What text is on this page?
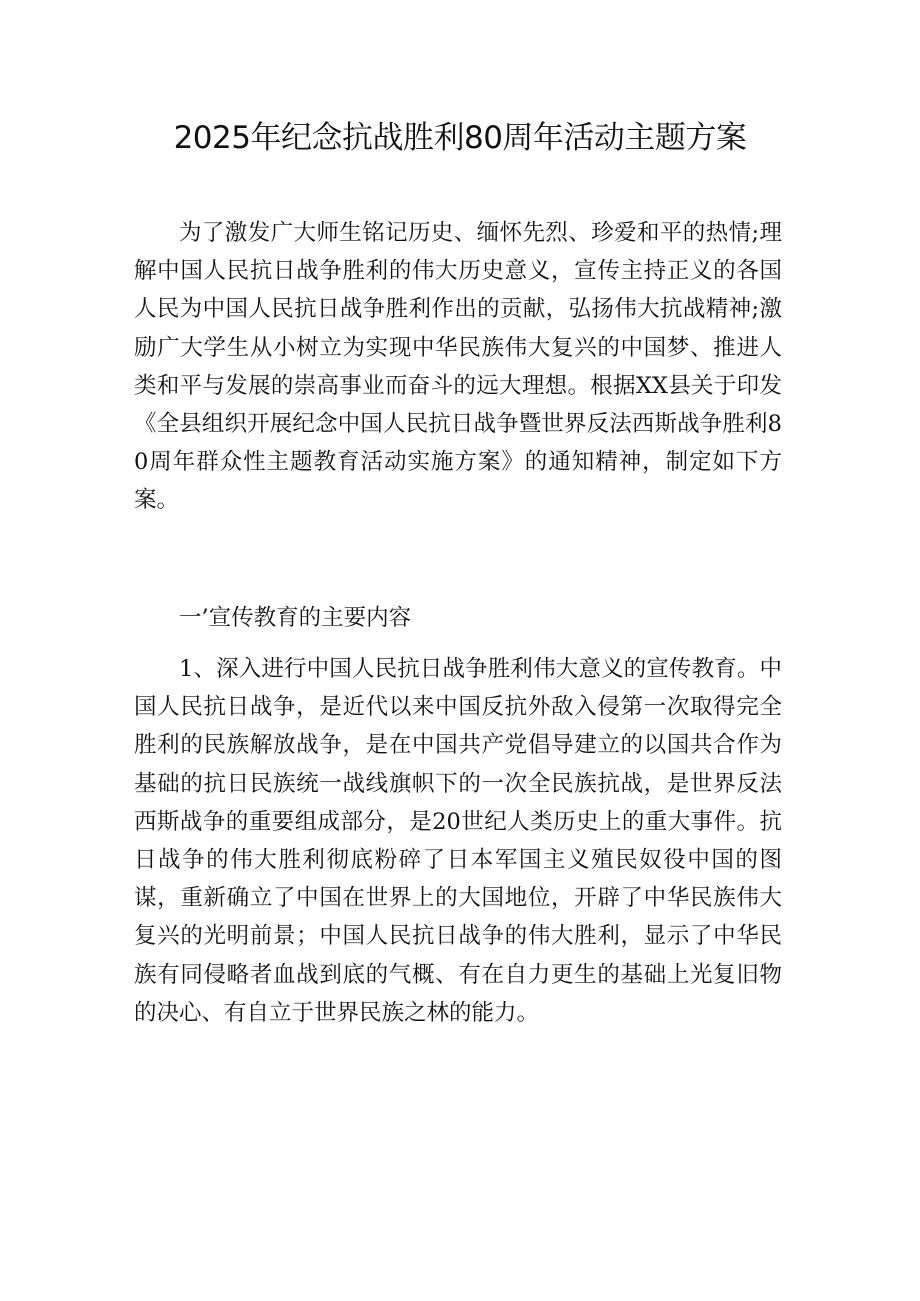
2025年纪念抗战胜利80周年活动主题方案

为了激发广大师生铭记历史、缅怀先烈、珍爱和平的热情;理解中国人民抗日战争胜利的伟大历史意义，宣传主持正义的各国人民为中国人民抗日战争胜利作出的贡献，弘扬伟大抗战精神;激励广大学生从小树立为实现中华民族伟大复兴的中国梦、推进人类和平与发展的崇高事业而奋斗的远大理想。根据XX县关于印发《全县组织开展纪念中国人民抗日战争暨世界反法西斯战争胜利80周年群众性主题教育活动实施方案》的通知精神，制定如下方案。

一’宣传教育的主要内容

1、深入进行中国人民抗日战争胜利伟大意义的宣传教育。中国人民抗日战争，是近代以来中国反抗外敌入侵第一次取得完全胜利的民族解放战争，是在中国共产党倡导建立的以国共合作为基础的抗日民族统一战线旗帜下的一次全民族抗战，是世界反法西斯战争的重要组成部分，是20世纪人类历史上的重大事件。抗日战争的伟大胜利彻底粉碎了日本军国主义殖民奴役中国的图谋，重新确立了中国在世界上的大国地位，开辟了中华民族伟大复兴的光明前景；中国人民抗日战争的伟大胜利，显示了中华民族有同侵略者血战到底的气概、有在自力更生的基础上光复旧物的决心、有自立于世界民族之林的能力。
